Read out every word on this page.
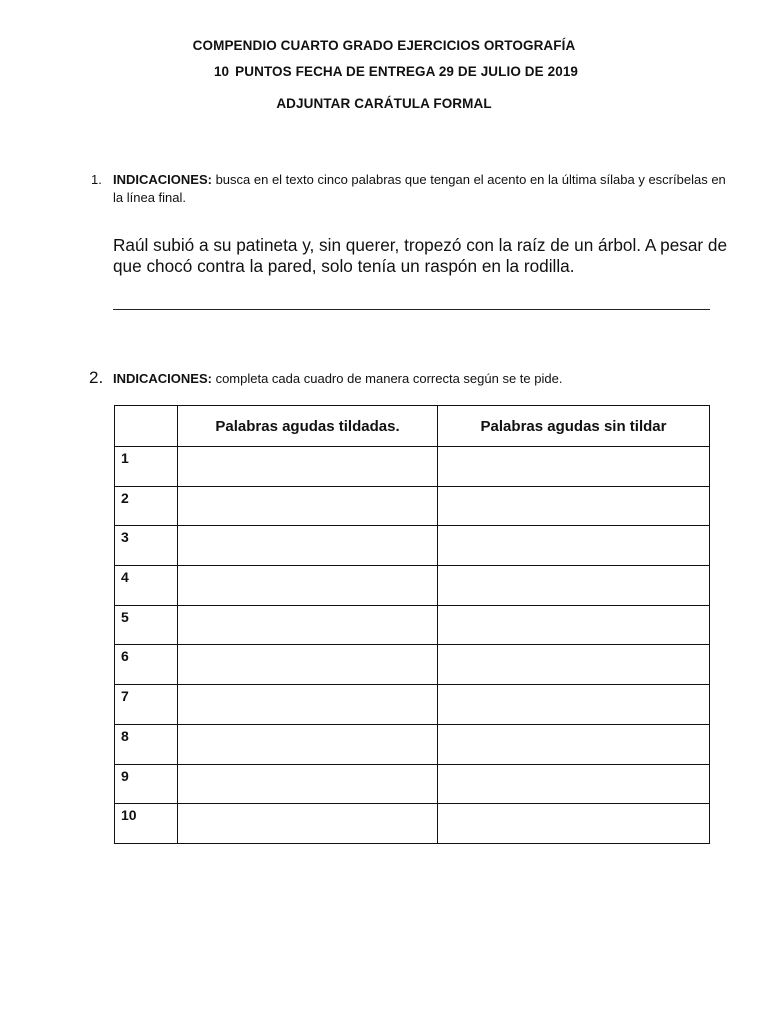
COMPENDIO CUARTO GRADO EJERCICIOS ORTOGRAFÍA
10 PUNTOS FECHA DE ENTREGA 29 DE JULIO DE 2019
ADJUNTAR CARÁTULA FORMAL
1. INDICACIONES: busca en el texto cinco palabras que tengan el acento en la última sílaba y escríbelas en la línea final.
Raúl subió a su patineta y, sin querer, tropezó con la raíz de un árbol. A pesar de que chocó contra la pared, solo tenía un raspón en la rodilla.
2. INDICACIONES: completa cada cuadro de manera correcta según se te pide.
	Palabras agudas tildadas.	Palabras agudas sin tildar
1		
2		
3		
4		
5		
6		
7		
8		
9		
10		
